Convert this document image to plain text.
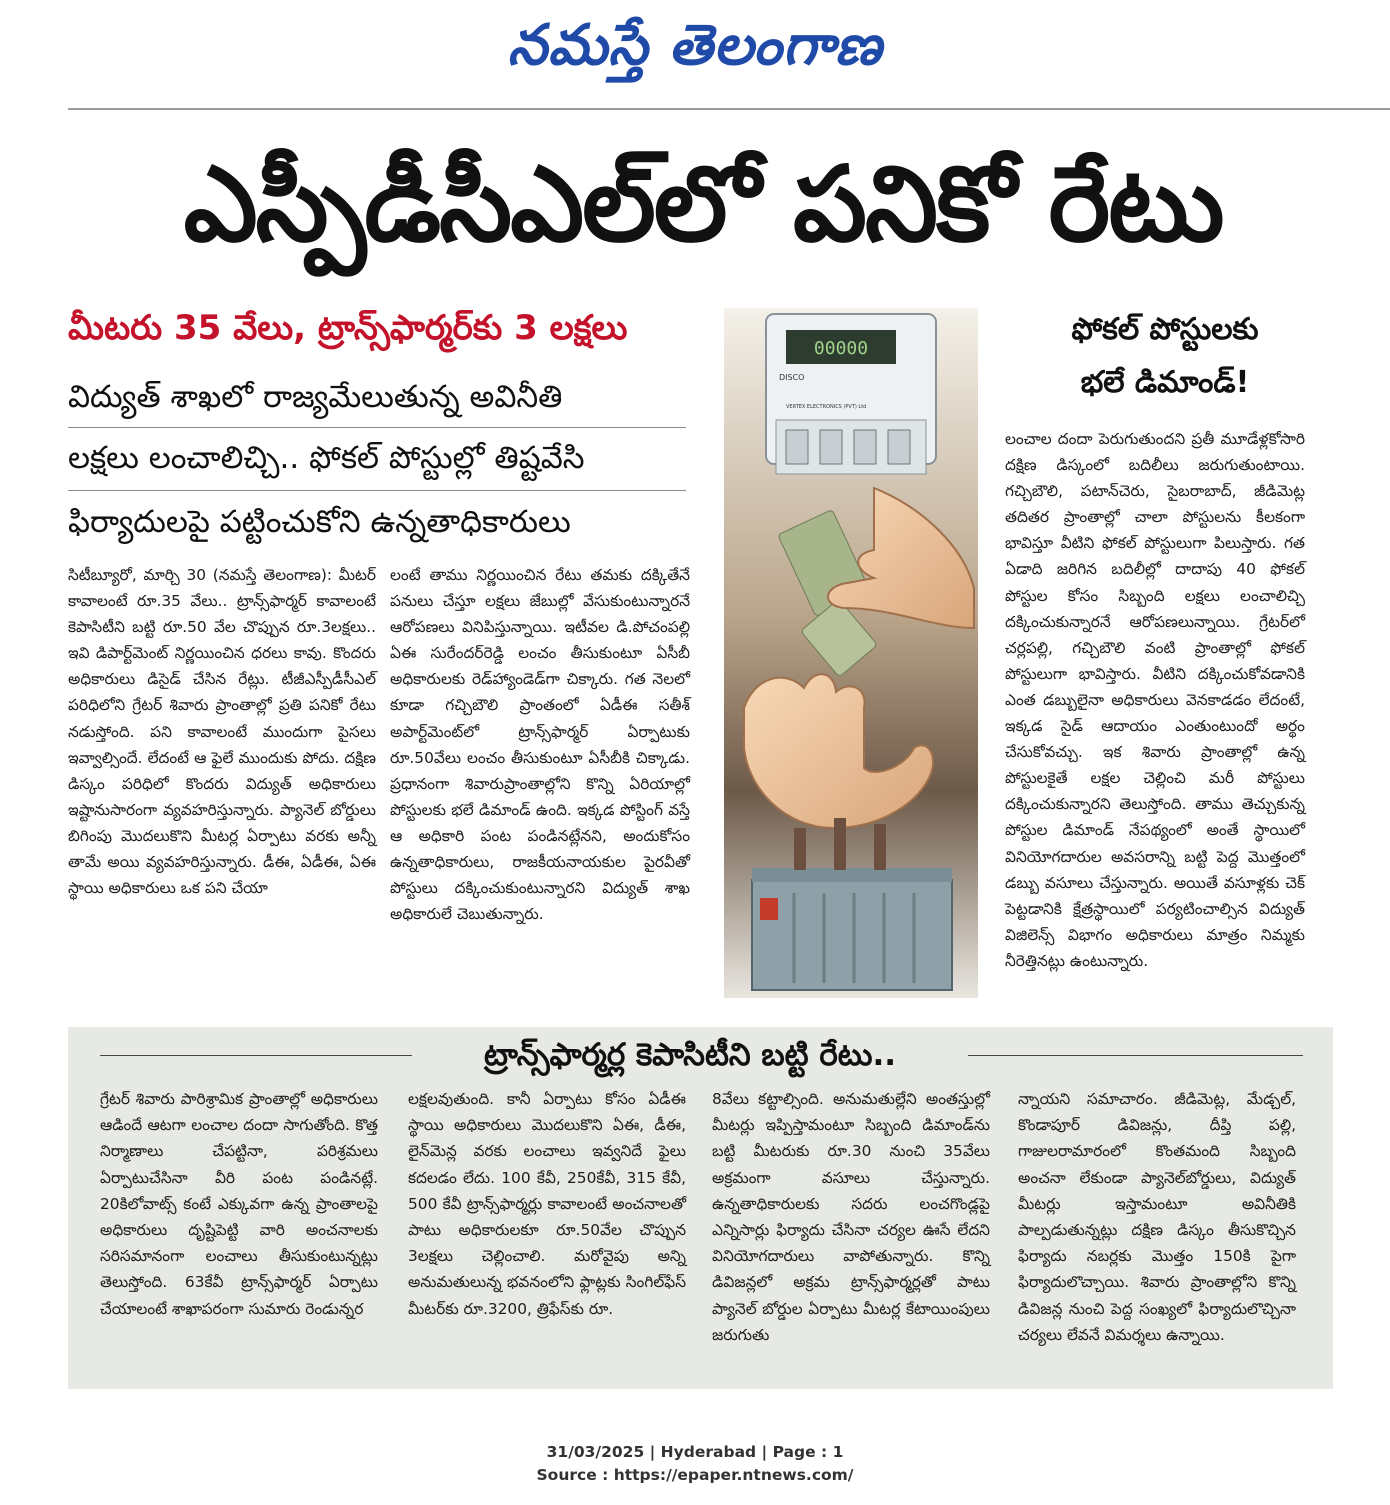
నమస్తే తెలంగాణ
ఎస్పీడీసీఎల్‌లో పనికో రేటు
మీటరు 35 వేలు, ట్రాన్స్‌ఫార్మర్‌కు 3 లక్షలు
విద్యుత్ శాఖలో రాజ్యమేలుతున్న అవినీతి
లక్షలు లంచాలిచ్చి.. ఫోకల్ పోస్టుల్లో తిష్టవేసి
ఫిర్యాదులపై పట్టించుకోని ఉన్నతాధికారులు
సిటీబ్యూరో, మార్చి 30 (నమస్తే తెలంగాణ): మీటర్ కావాలంటే రూ.35 వేలు.. ట్రాన్స్‌ఫార్మర్ కావాలంటే కెపాసిటీని బట్టి రూ.50 వేల చొప్పున రూ.3లక్షలు.. ఇవి డిపార్ట్‌మెంట్ నిర్ణయించిన ధరలు కావు. కొందరు అధికారులు డిసైడ్ చేసిన రేట్లు. టీజీఎస్పీడీసీఎల్ పరిధిలోని గ్రేటర్ శివారు ప్రాంతాల్లో ప్రతి పనికో రేటు నడుస్తోంది. పని కావాలంటే ముందుగా పైసలు ఇవ్వాల్సిందే. లేదంటే ఆ ఫైలే ముందుకు పోదు. దక్షిణ డిస్కం పరిధిలో కొందరు విద్యుత్ అధికారులు ఇష్టానుసారంగా వ్యవహరిస్తున్నారు. ప్యానెల్ బోర్డులు బిగింపు మొదలుకొని మీటర్ల ఏర్పాటు వరకు అన్నీ తామే అయి వ్యవహరిస్తున్నారు. డీఈ, ఏడీఈ, ఏఈ స్థాయి అధికారులు ఒక పని చేయా
లంటే తాము నిర్ణయించిన రేటు తమకు దక్కితేనే పనులు చేస్తూ లక్షలు జేబుల్లో వేసుకుంటున్నారనే ఆరోపణలు వినిపిస్తున్నాయి. ఇటీవల డి.పోచంపల్లి ఏఈ సురేందర్‌రెడ్డి లంచం తీసుకుంటూ ఏసీబీ అధికారులకు రెడ్‌హ్యాండెడ్‌గా చిక్కారు. గత నెలలో కూడా గచ్చిబౌలి ప్రాంతంలో ఏడీఈ సతీశ్ అపార్ట్‌మెంట్‌లో ట్రాన్స్‌ఫార్మర్ ఏర్పాటుకు రూ.50వేలు లంచం తీసుకుంటూ ఏసీబీకి చిక్కాడు. ప్రధానంగా శివారుప్రాంతాల్లోని కొన్ని ఏరియాల్లో పోస్టులకు భలే డిమాండ్ ఉంది. ఇక్కడ పోస్టింగ్ వస్తే ఆ అధికారి పంట పండినట్లేనని, అందుకోసం ఉన్నతాధికారులు, రాజకీయనాయకుల పైరవీతో పోస్టులు దక్కించుకుంటున్నారని విద్యుత్ శాఖ అధికారులే చెబుతున్నారు.
00000
DISCO
VERTEX ELECTRONICS (PVT) Ltd
ఫోకల్ పోస్టులకు
భలే డిమాండ్!
లంచాల దందా పెరుగుతుందని ప్రతీ మూడేళ్లకోసారి దక్షిణ డిస్కంలో బదిలీలు జరుగుతుంటాయి. గచ్చిబౌలి, పటాన్‌చెరు, సైబరాబాద్, జీడిమెట్ల తదితర ప్రాంతాల్లో చాలా పోస్టులను కీలకంగా భావిస్తూ వీటిని ఫోకల్ పోస్టులుగా పిలుస్తారు. గత ఏడాది జరిగిన బదిలీల్లో దాదాపు 40 ఫోకల్ పోస్టుల కోసం సిబ్బంది లక్షలు లంచాలిచ్చి దక్కించుకున్నారనే ఆరోపణలున్నాయి. గ్రేటర్‌లో చర్లపల్లి, గచ్చిబౌలి వంటి ప్రాంతాల్లో ఫోకల్ పోస్టులుగా భావిస్తారు. వీటిని దక్కించుకోవడానికి ఎంత డబ్బులైనా అధికారులు వెనకాడడం లేదంటే, ఇక్కడ సైడ్ ఆదాయం ఎంతుంటుందో అర్థం చేసుకోవచ్చు. ఇక శివారు ప్రాంతాల్లో ఉన్న పోస్టులకైతే లక్షల చెల్లించి మరీ పోస్టులు దక్కించుకున్నారని తెలుస్తోంది. తాము తెచ్చుకున్న పోస్టుల డిమాండ్ నేపథ్యంలో అంతే స్థాయిలో వినియోగదారుల అవసరాన్ని బట్టి పెద్ద మొత్తంలో డబ్బు వసూలు చేస్తున్నారు. అయితే వసూళ్లకు చెక్ పెట్టడానికి క్షేత్రస్థాయిలో పర్యటించాల్సిన విద్యుత్ విజిలెన్స్ విభాగం అధికారులు మాత్రం నిమ్మకు నీరెత్తినట్లు ఉంటున్నారు.
ట్రాన్స్‌ఫార్మర్ల కెపాసిటీని బట్టి రేటు..
గ్రేటర్ శివారు పారిశ్రామిక ప్రాంతాల్లో అధికారులు ఆడిందే ఆటగా లంచాల దందా సాగుతోంది. కొత్త నిర్మాణాలు చేపట్టినా, పరిశ్రమలు ఏర్పాటుచేసినా వీరి పంట పండినట్లే. 20కిలోవాట్స్ కంటే ఎక్కువగా ఉన్న ప్రాంతాలపై అధికారులు దృష్టిపెట్టి వారి అంచనాలకు సరిసమానంగా లంచాలు తీసుకుంటున్నట్లు తెలుస్తోంది. 63కేవీ ట్రాన్స్‌ఫార్మర్ ఏర్పాటు చేయాలంటే శాఖాపరంగా సుమారు రెండున్నర
లక్షలవుతుంది. కానీ ఏర్పాటు కోసం ఏడీఈ స్థాయి అధికారులు మొదలుకొని ఏఈ, డీఈ, లైన్‌మెన్ల వరకు లంచాలు ఇవ్వనిదే ఫైలు కదలడం లేదు. 100 కేవీ, 250కేవీ, 315 కేవీ, 500 కేవీ ట్రాన్స్‌ఫార్మర్లు కావాలంటే అంచనాలతో పాటు అధికారులకూ రూ.50వేల చొప్పున 3లక్షలు చెల్లించాలి. మరోవైపు అన్ని అనుమతులున్న భవనంలోని ఫ్లాట్లకు సింగిల్‌ఫేస్ మీటర్‌కు రూ.3200, త్రిఫేస్‌కు రూ.
8వేలు కట్టాల్సింది. అనుమతుల్లేని అంతస్తుల్లో మీటర్లు ఇప్పిస్తామంటూ సిబ్బంది డిమాండ్‌ను బట్టి మీటరుకు రూ.30 నుంచి 35వేలు అక్రమంగా వసూలు చేస్తున్నారు. ఉన్నతాధికారులకు సదరు లంచగొండ్లపై ఎన్నిసార్లు ఫిర్యాదు చేసినా చర్యల ఊసే లేదని వినియోగదారులు వాపోతున్నారు. కొన్ని డివిజన్లలో అక్రమ ట్రాన్స్‌ఫార్మర్లతో పాటు ప్యానెల్ బోర్డుల ఏర్పాటు మీటర్ల కేటాయింపులు జరుగుతు
న్నాయని సమాచారం. జీడిమెట్ల, మేడ్చల్, కొండాపూర్ డివిజన్లు, దీప్తి పల్లి, గాజులరామారంలో కొంతమంది సిబ్బంది అంచనా లేకుండా ప్యానెల్‌బోర్డులు, విద్యుత్ మీటర్లు ఇస్తామంటూ అవినీతికి పాల్పడుతున్నట్లు దక్షిణ డిస్కం తీసుకొచ్చిన ఫిర్యాదు నబర్లకు మొత్తం 150కి పైగా ఫిర్యాదులొచ్చాయి. శివారు ప్రాంతాల్లోని కొన్ని డివిజన్ల నుంచి పెద్ద సంఖ్యలో ఫిర్యాదులొచ్చినా చర్యలు లేవనే విమర్శలు ఉన్నాయి.
31/03/2025 | Hyderabad | Page : 1
Source : https://epaper.ntnews.com/
